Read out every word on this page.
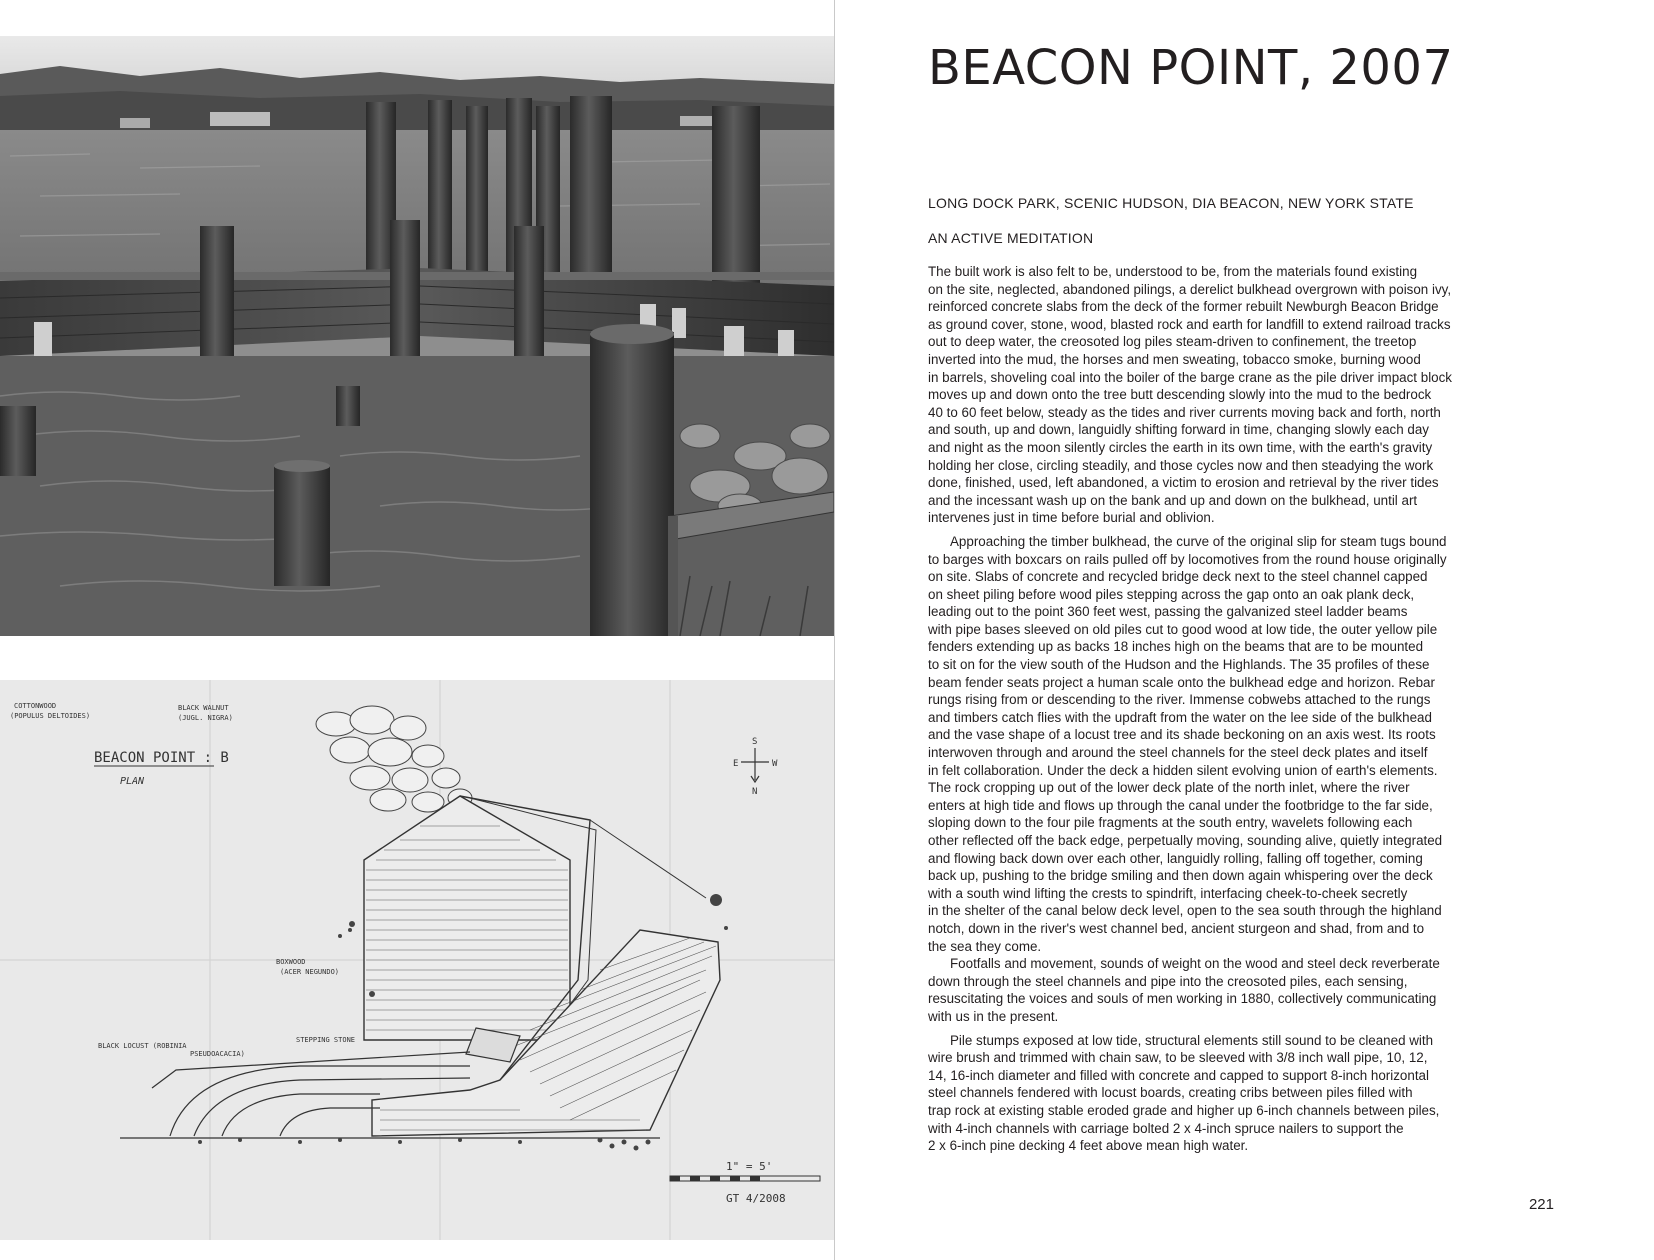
COTTONWOOD
(POPULUS DELTOIDES)
BLACK WALNUT
(JUGL. NIGRA)
BEACON POINT : B
PLAN
S
E	W
N
BOXWOOD
(ACER NEGUNDO)
BLACK LOCUST (ROBINIA
PSEUDOACACIA)
STEPPING STONE
1" = 5'
GT 4/2008
BEACON POINT, 2007

LONG DOCK PARK, SCENIC HUDSON, DIA BEACON, NEW YORK STATE

AN ACTIVE MEDITATION

The built work is also felt to be, understood to be, from the materials found existing
on the site, neglected, abandoned pilings, a derelict bulkhead overgrown with poison ivy,
reinforced concrete slabs from the deck of the former rebuilt Newburgh Beacon Bridge
as ground cover, stone, wood, blasted rock and earth for landfill to extend railroad tracks
out to deep water, the creosoted log piles steam-driven to confinement, the treetop
inverted into the mud, the horses and men sweating, tobacco smoke, burning wood
in barrels, shoveling coal into the boiler of the barge crane as the pile driver impact block
moves up and down onto the tree butt descending slowly into the mud to the bedrock
40 to 60 feet below, steady as the tides and river currents moving back and forth, north
and south, up and down, languidly shifting forward in time, changing slowly each day
and night as the moon silently circles the earth in its own time, with the earth's gravity
holding her close, circling steadily, and those cycles now and then steadying the work
done, finished, used, left abandoned, a victim to erosion and retrieval by the river tides
and the incessant wash up on the bank and up and down on the bulkhead, until art
intervenes just in time before burial and oblivion.

Approaching the timber bulkhead, the curve of the original slip for steam tugs bound
to barges with boxcars on rails pulled off by locomotives from the round house originally
on site. Slabs of concrete and recycled bridge deck next to the steel channel capped
on sheet piling before wood piles stepping across the gap onto an oak plank deck,
leading out to the point 360 feet west, passing the galvanized steel ladder beams
with pipe bases sleeved on old piles cut to good wood at low tide, the outer yellow pile
fenders extending up as backs 18 inches high on the beams that are to be mounted
to sit on for the view south of the Hudson and the Highlands. The 35 profiles of these
beam fender seats project a human scale onto the bulkhead edge and horizon. Rebar
rungs rising from or descending to the river. Immense cobwebs attached to the rungs
and timbers catch flies with the updraft from the water on the lee side of the bulkhead
and the vase shape of a locust tree and its shade beckoning on an axis west. Its roots
interwoven through and around the steel channels for the steel deck plates and itself
in felt collaboration. Under the deck a hidden silent evolving union of earth's elements.
The rock cropping up out of the lower deck plate of the north inlet, where the river
enters at high tide and flows up through the canal under the footbridge to the far side,
sloping down to the four pile fragments at the south entry, wavelets following each
other reflected off the back edge, perpetually moving, sounding alive, quietly integrated
and flowing back down over each other, languidly rolling, falling off together, coming
back up, pushing to the bridge smiling and then down again whispering over the deck
with a south wind lifting the crests to spindrift, interfacing cheek-to-cheek secretly
in the shelter of the canal below deck level, open to the sea south through the highland
notch, down in the river's west channel bed, ancient sturgeon and shad, from and to
the sea they come.

Footfalls and movement, sounds of weight on the wood and steel deck reverberate
down through the steel channels and pipe into the creosoted piles, each sensing,
resuscitating the voices and souls of men working in 1880, collectively communicating
with us in the present.

Pile stumps exposed at low tide, structural elements still sound to be cleaned with
wire brush and trimmed with chain saw, to be sleeved with 3/8 inch wall pipe, 10, 12,
14, 16-inch diameter and filled with concrete and capped to support 8-inch horizontal
steel channels fendered with locust boards, creating cribs between piles filled with
trap rock at existing stable eroded grade and higher up 6-inch channels between piles,
with 4-inch channels with carriage bolted 2 x 4-inch spruce nailers to support the
2 x 6-inch pine decking 4 feet above mean high water.

221
